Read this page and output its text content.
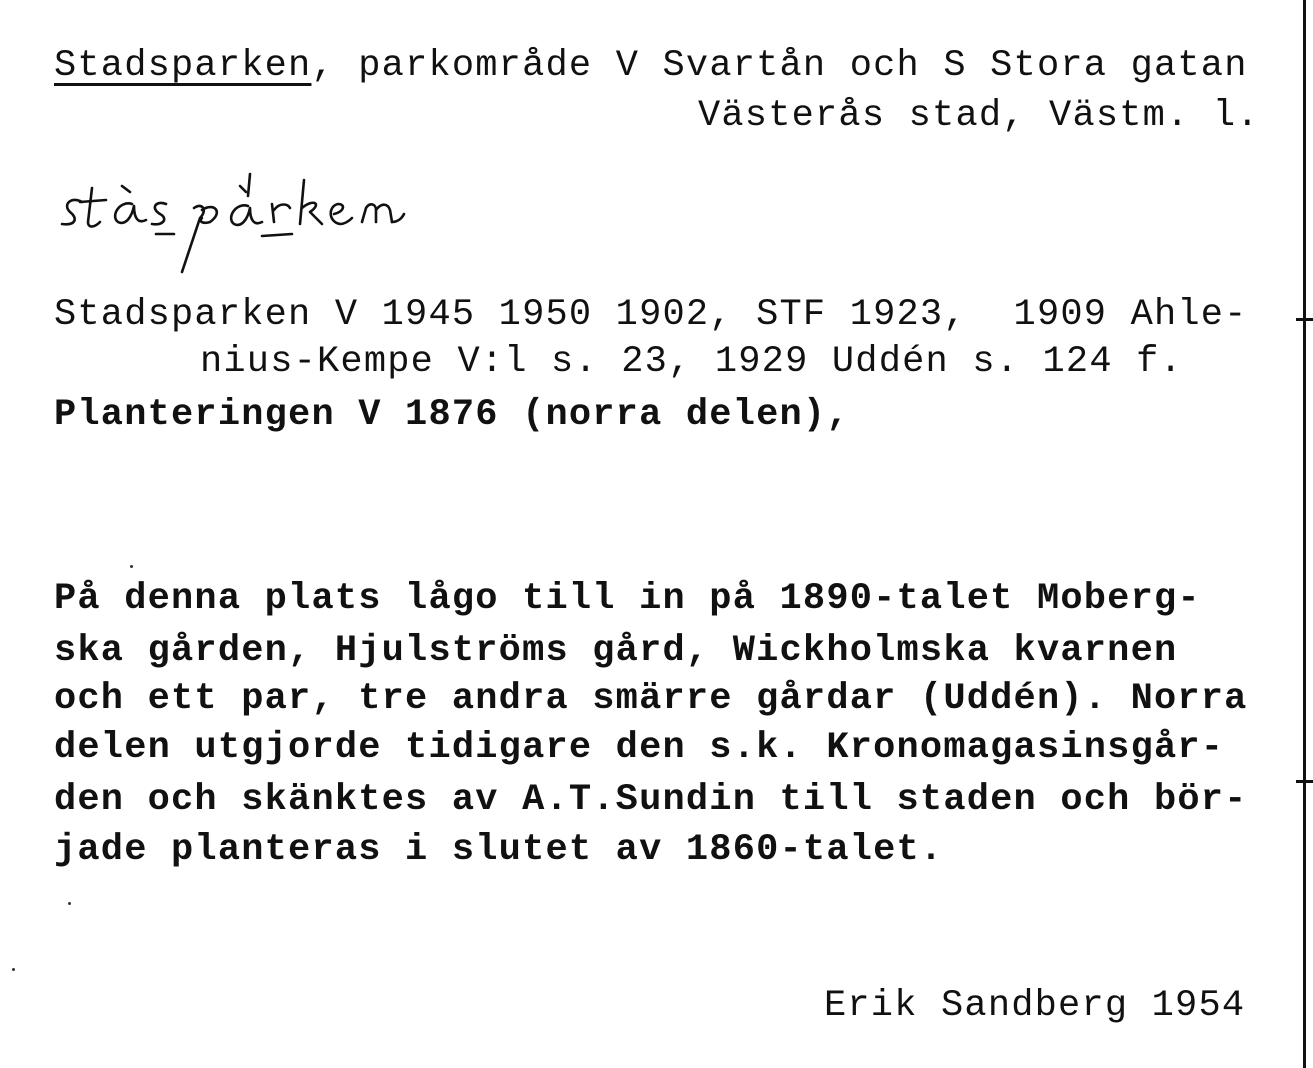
Stadsparken, parkområde V Svartån och S Stora gatan
Västerås stad, Västm. l.
Stadsparken V 1945 1950 1902, STF 1923,  1909 Ahle-
nius-Kempe V:l s. 23, 1929 Uddén s. 124 f.
Planteringen V 1876 (norra delen),
På denna plats lågo till in på 1890-talet Moberg-
ska gården, Hjulströms gård, Wickholmska kvarnen
och ett par, tre andra smärre gårdar (Uddén). Norra
delen utgjorde tidigare den s.k. Kronomagasinsgår-
den och skänktes av A.T.Sundin till staden och bör-
jade planteras i slutet av 1860-talet.
Erik Sandberg 1954
